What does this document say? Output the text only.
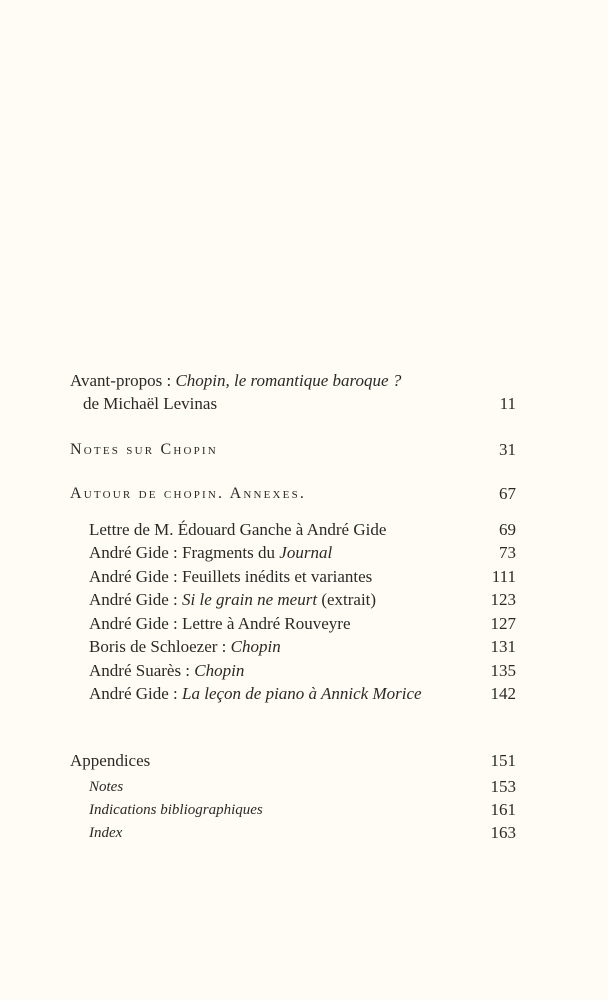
Avant-propos : Chopin, le romantique baroque ?
de Michaël Levinas	11
Notes sur Chopin	31
Autour de chopin. Annexes.	67
Lettre de M. Édouard Ganche à André Gide	69
André Gide : Fragments du Journal	73
André Gide : Feuillets inédits et variantes	111
André Gide : Si le grain ne meurt (extrait)	123
André Gide : Lettre à André Rouveyre	127
Boris de Schloezer : Chopin	131
André Suarès : Chopin	135
André Gide : La leçon de piano à Annick Morice	142
Appendices	151
Notes	153
Indications bibliographiques	161
Index	163
